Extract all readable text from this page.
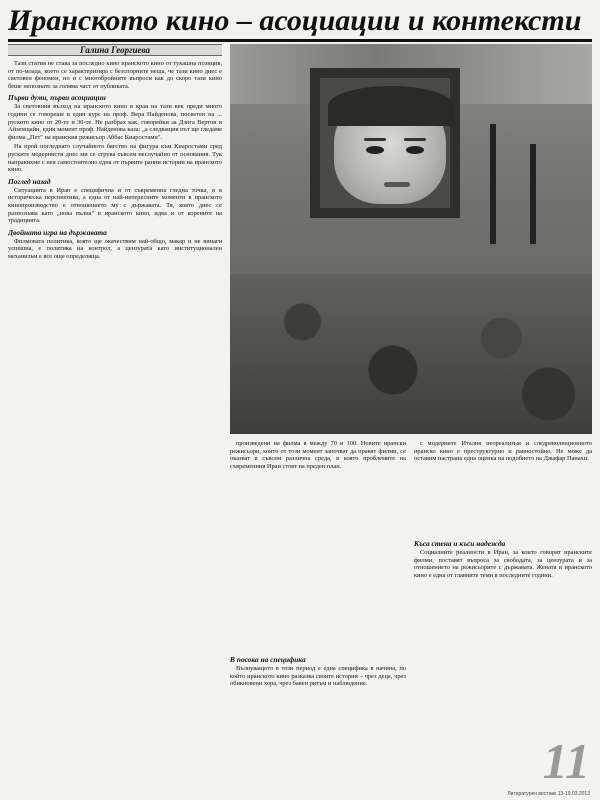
Иранското кино – асоциации и контексти
Галина Георгиева

Тази статия не става за последно кино иранското кино от тукашна позиция, от по-млада, което се характеризира с безспорните неща, че тази кино днес е световен феномен, но и с многобройните въпроси как до скоро тази кино беше непознато за голяма част от публиката.

Първи думи, първи асоциации

За световния възход на иранското кино в края на тази век преди много години се говореше в един курс на проф. Вера Найденова, посветен на ... руското кино от 20-те и 30-те. Не разбрах как, говорейки за Дзига Вертов и Айзенщайн, един момент проф. Найденова каза: „а следващия път ще гледаме филма „Пет" на иранския режисьор Аббас Киаростами".

На прой погледнато случайното бягство на фигура към Киаростами сред руските модернисти днес ми се струва съвсем неслучайно от основания. Тук направихме с нея самостоятелно една от първите ранни истории на иранското кино.

Поглед назад

Ситуацията в Иран е специфична и от съвременна гледна точка, и в историческа перспектива, а една от най-интересните моменти в иранското кинопроизводство е отношението му с държавата. Тя, която днес се разпознава като „нова вълна" в иранското кино, идва и от корените на традицията.

Двойната игра на държавата

Филмовата политика, която ще окачествим най-общо, макар и не винаги успешна, е политика на контрол, а цензурата като институционален механизъм е все още определяща.

произведени на филма в между 70 и 100. Новите ирански режисьори, които от този момент започват да правят филми, се оказват в съвсем различна среда, в която проблемите на съвременния Иран стоят на преден план.

В посока на специфика

Вълнуващото в този период е една специфика в начина, по който иранското кино разказва своите истории – чрез деца, чрез обикновени хора, чрез бавен ритъм и наблюдение.

с модерните Италия неореализъм и следреволюционното иранско кино е преструктурно и равностойно. Не може да оставим настрана една оценка на подобието на Джафар Панахи.

Къса стена и къси надежда

Социалните реалности в Иран, за които говорят иранските филми, поставят въпроса за свободата, за цензурата и за отношението на режисьорите с държавата. Жената в иранското кино е една от главните теми в последните години.

11
Литературен вестник 13-19.03.2013
